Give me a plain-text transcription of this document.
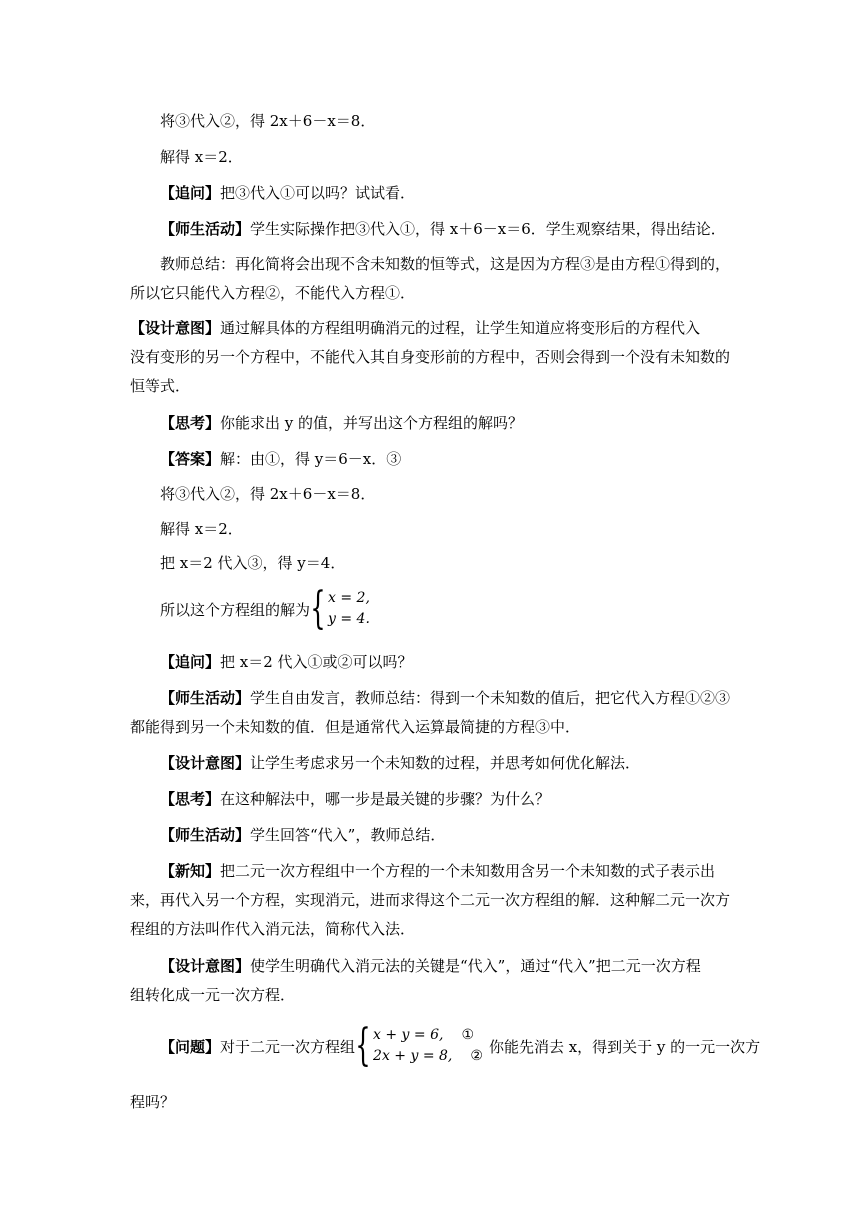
将③代入②，得 2x＋6－x＝8．
解得 x＝2．
【追问】把③代入①可以吗？试试看．
【师生活动】学生实际操作把③代入①，得 x＋6－x＝6．学生观察结果，得出结论．
教师总结：再化简将会出现不含未知数的恒等式，这是因为方程③是由方程①得到的，
所以它只能代入方程②，不能代入方程①．
【设计意图】通过解具体的方程组明确消元的过程，让学生知道应将变形后的方程代入
没有变形的另一个方程中，不能代入其自身变形前的方程中，否则会得到一个没有未知数的
恒等式．
【思考】你能求出 y 的值，并写出这个方程组的解吗？
【答案】解：由①，得 y＝6－x．③
将③代入②，得 2x＋6－x＝8．
解得 x＝2．
把 x＝2 代入③，得 y＝4．
所以这个方程组的解为 { x = 2,
y = 4.
【追问】把 x＝2 代入①或②可以吗？
【师生活动】学生自由发言，教师总结：得到一个未知数的值后，把它代入方程①②③
都能得到另一个未知数的值．但是通常代入运算最简捷的方程③中．
【设计意图】让学生考虑求另一个未知数的过程，并思考如何优化解法．
【思考】在这种解法中，哪一步是最关键的步骤？为什么？
【师生活动】学生回答“代入”，教师总结．
【新知】把二元一次方程组中一个方程的一个未知数用含另一个未知数的式子表示出
来，再代入另一个方程，实现消元，进而求得这个二元一次方程组的解．这种解二元一次方
程组的方法叫作代入消元法，简称代入法．
【设计意图】使学生明确代入消元法的关键是“代入”，通过“代入”把二元一次方程
组转化成一元一次方程．
【问题】 对于二元一次方程组 { x + y = 6, ①
2x + y = 8, ②
你能先消去 x，得到关于 y 的一元一次方
程吗？
